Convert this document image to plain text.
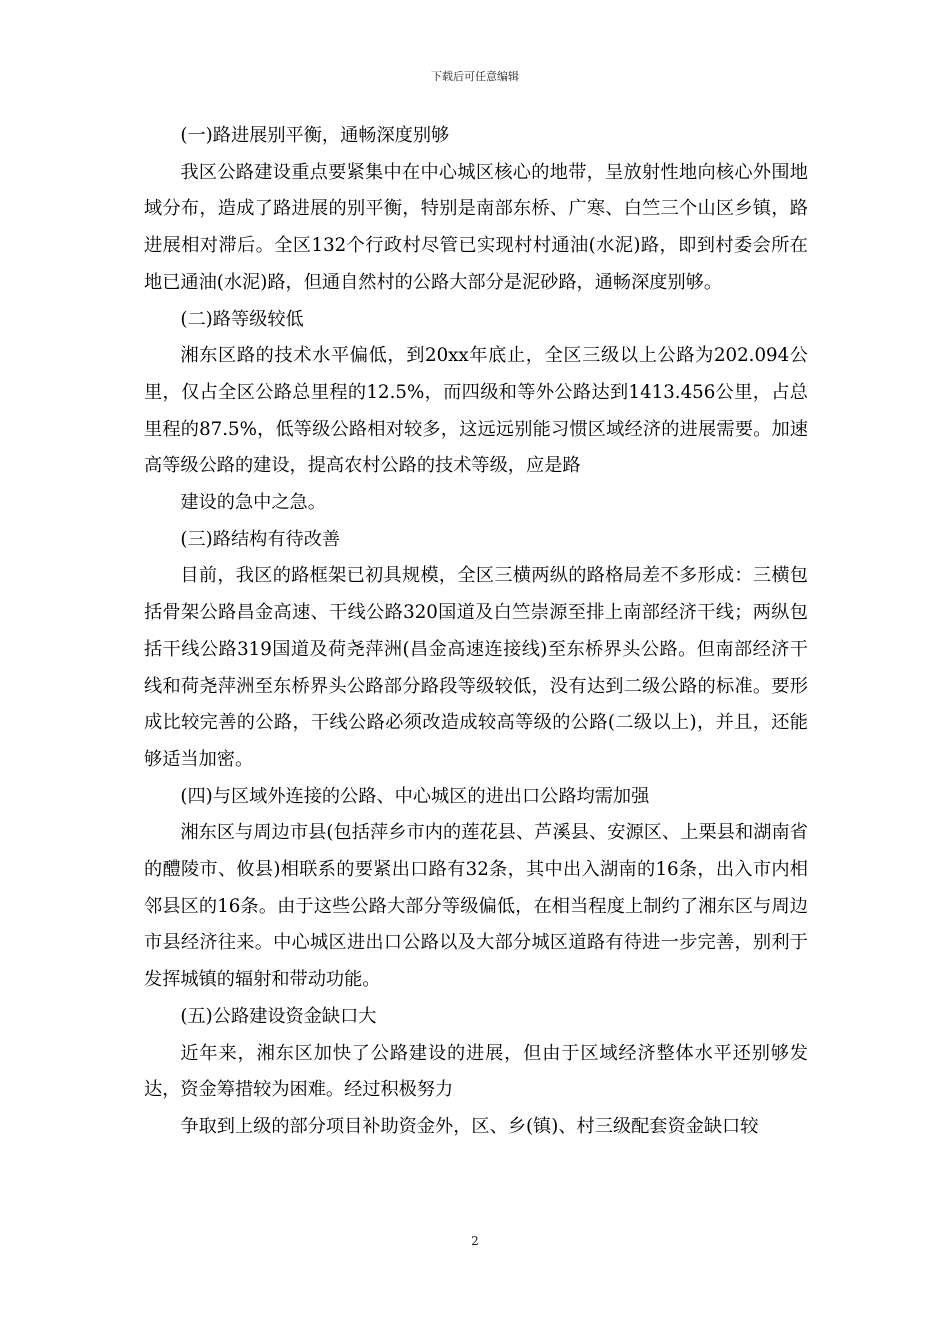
下载后可任意编辑

(一)路进展别平衡，通畅深度别够

我区公路建设重点要紧集中在中心城区核心的地带，呈放射性地向核心外围地域分布，造成了路进展的别平衡，特别是南部东桥、广寒、白竺三个山区乡镇，路进展相对滞后。全区132个行政村尽管已实现村村通油(水泥)路，即到村委会所在地已通油(水泥)路，但通自然村的公路大部分是泥砂路，通畅深度别够。

(二)路等级较低

湘东区路的技术水平偏低，到20xx年底止，全区三级以上公路为202.094公里，仅占全区公路总里程的12.5%，而四级和等外公路达到1413.456公里，占总里程的87.5%，低等级公路相对较多，这远远别能习惯区域经济的进展需要。加速高等级公路的建设，提高农村公路的技术等级，应是路

建设的急中之急。

(三)路结构有待改善

目前，我区的路框架已初具规模，全区三横两纵的路格局差不多形成：三横包括骨架公路昌金高速、干线公路320国道及白竺崇源至排上南部经济干线；两纵包括干线公路319国道及荷尧萍洲(昌金高速连接线)至东桥界头公路。但南部经济干线和荷尧萍洲至东桥界头公路部分路段等级较低，没有达到二级公路的标准。要形成比较完善的公路，干线公路必须改造成较高等级的公路(二级以上)，并且，还能够适当加密。

(四)与区域外连接的公路、中心城区的进出口公路均需加强

湘东区与周边市县(包括萍乡市内的莲花县、芦溪县、安源区、上栗县和湖南省的醴陵市、攸县)相联系的要紧出口路有32条，其中出入湖南的16条，出入市内相邻县区的16条。由于这些公路大部分等级偏低，在相当程度上制约了湘东区与周边市县经济往来。中心城区进出口公路以及大部分城区道路有待进一步完善，别利于发挥城镇的辐射和带动功能。

(五)公路建设资金缺口大

近年来，湘东区加快了公路建设的进展，但由于区域经济整体水平还别够发达，资金筹措较为困难。经过积极努力

争取到上级的部分项目补助资金外，区、乡(镇)、村三级配套资金缺口较

2
